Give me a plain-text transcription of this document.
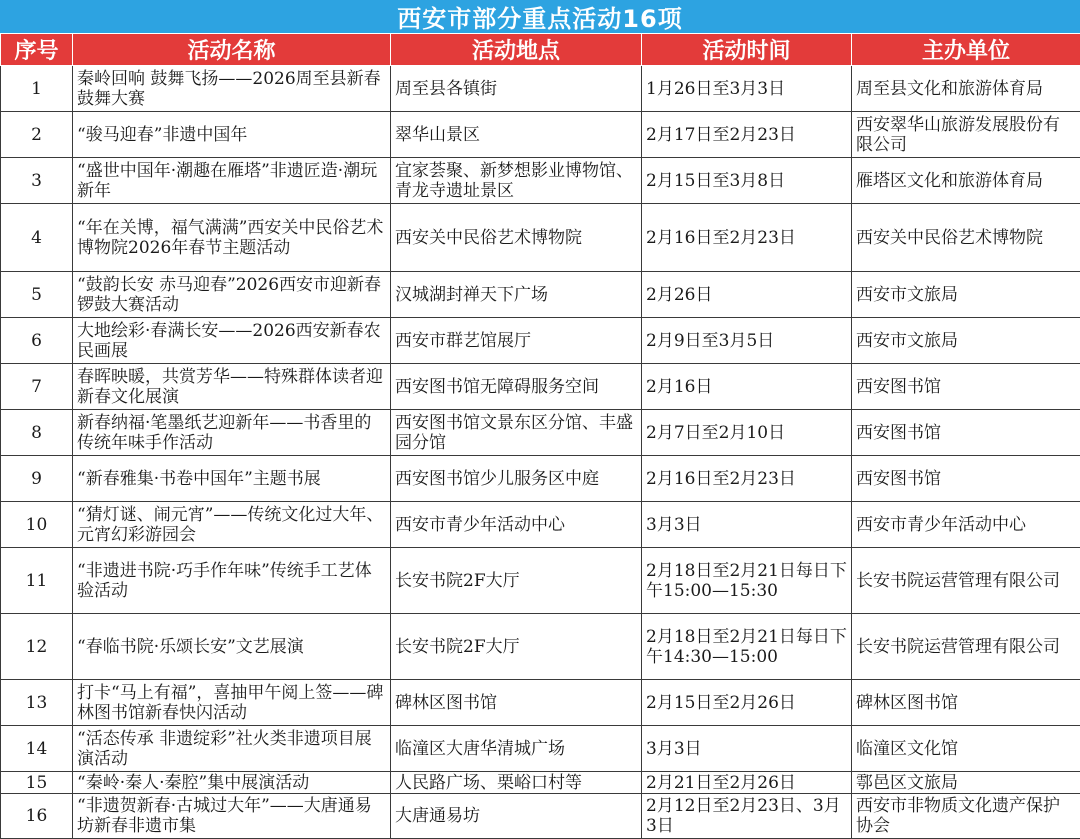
西安市部分重点活动16项
序号	活动名称	活动地点	活动时间	主办单位
1	秦岭回响 鼓舞飞扬——2026周至县新春鼓舞大赛	周至县各镇街	1月26日至3月3日	周至县文化和旅游体育局
2	“骏马迎春”非遗中国年	翠华山景区	2月17日至2月23日	西安翠华山旅游发展股份有限公司
3	“盛世中国年·潮趣在雁塔”非遗匠造·潮玩新年	宜家荟聚、新梦想影业博物馆、青龙寺遗址景区	2月15日至3月8日	雁塔区文化和旅游体育局
4	“年在关博，福气满满”西安关中民俗艺术博物院2026年春节主题活动	西安关中民俗艺术博物院	2月16日至2月23日	西安关中民俗艺术博物院
5	“鼓韵长安 赤马迎春”2026西安市迎新春锣鼓大赛活动	汉城湖封禅天下广场	2月26日	西安市文旅局
6	大地绘彩·春满长安——2026西安新春农民画展	西安市群艺馆展厅	2月9日至3月5日	西安市文旅局
7	春晖映暖，共赏芳华——特殊群体读者迎新春文化展演	西安图书馆无障碍服务空间	2月16日	西安图书馆
8	新春纳福·笔墨纸艺迎新年——书香里的传统年味手作活动	西安图书馆文景东区分馆、丰盛园分馆	2月7日至2月10日	西安图书馆
9	“新春雅集·书卷中国年”主题书展	西安图书馆少儿服务区中庭	2月16日至2月23日	西安图书馆
10	“猜灯谜、闹元宵”——传统文化过大年、元宵幻彩游园会	西安市青少年活动中心	3月3日	西安市青少年活动中心
11	“非遗进书院·巧手作年味”传统手工艺体验活动	长安书院2F大厅	2月18日至2月21日每日下午15:00—15:30	长安书院运营管理有限公司
12	“春临书院·乐颂长安”文艺展演	长安书院2F大厅	2月18日至2月21日每日下午14:30—15:00	长安书院运营管理有限公司
13	打卡“马上有福”，喜抽甲午阅上签——碑林图书馆新春快闪活动	碑林区图书馆	2月15日至2月26日	碑林区图书馆
14	“活态传承 非遗绽彩”社火类非遗项目展演活动	临潼区大唐华清城广场	3月3日	临潼区文化馆
15	“秦岭·秦人·秦腔”集中展演活动	人民路广场、栗峪口村等	2月21日至2月26日	鄠邑区文旅局
16	“非遗贺新春·古城过大年”——大唐通易坊新春非遗市集	大唐通易坊	2月12日至2月23日、3月3日	西安市非物质文化遗产保护协会
